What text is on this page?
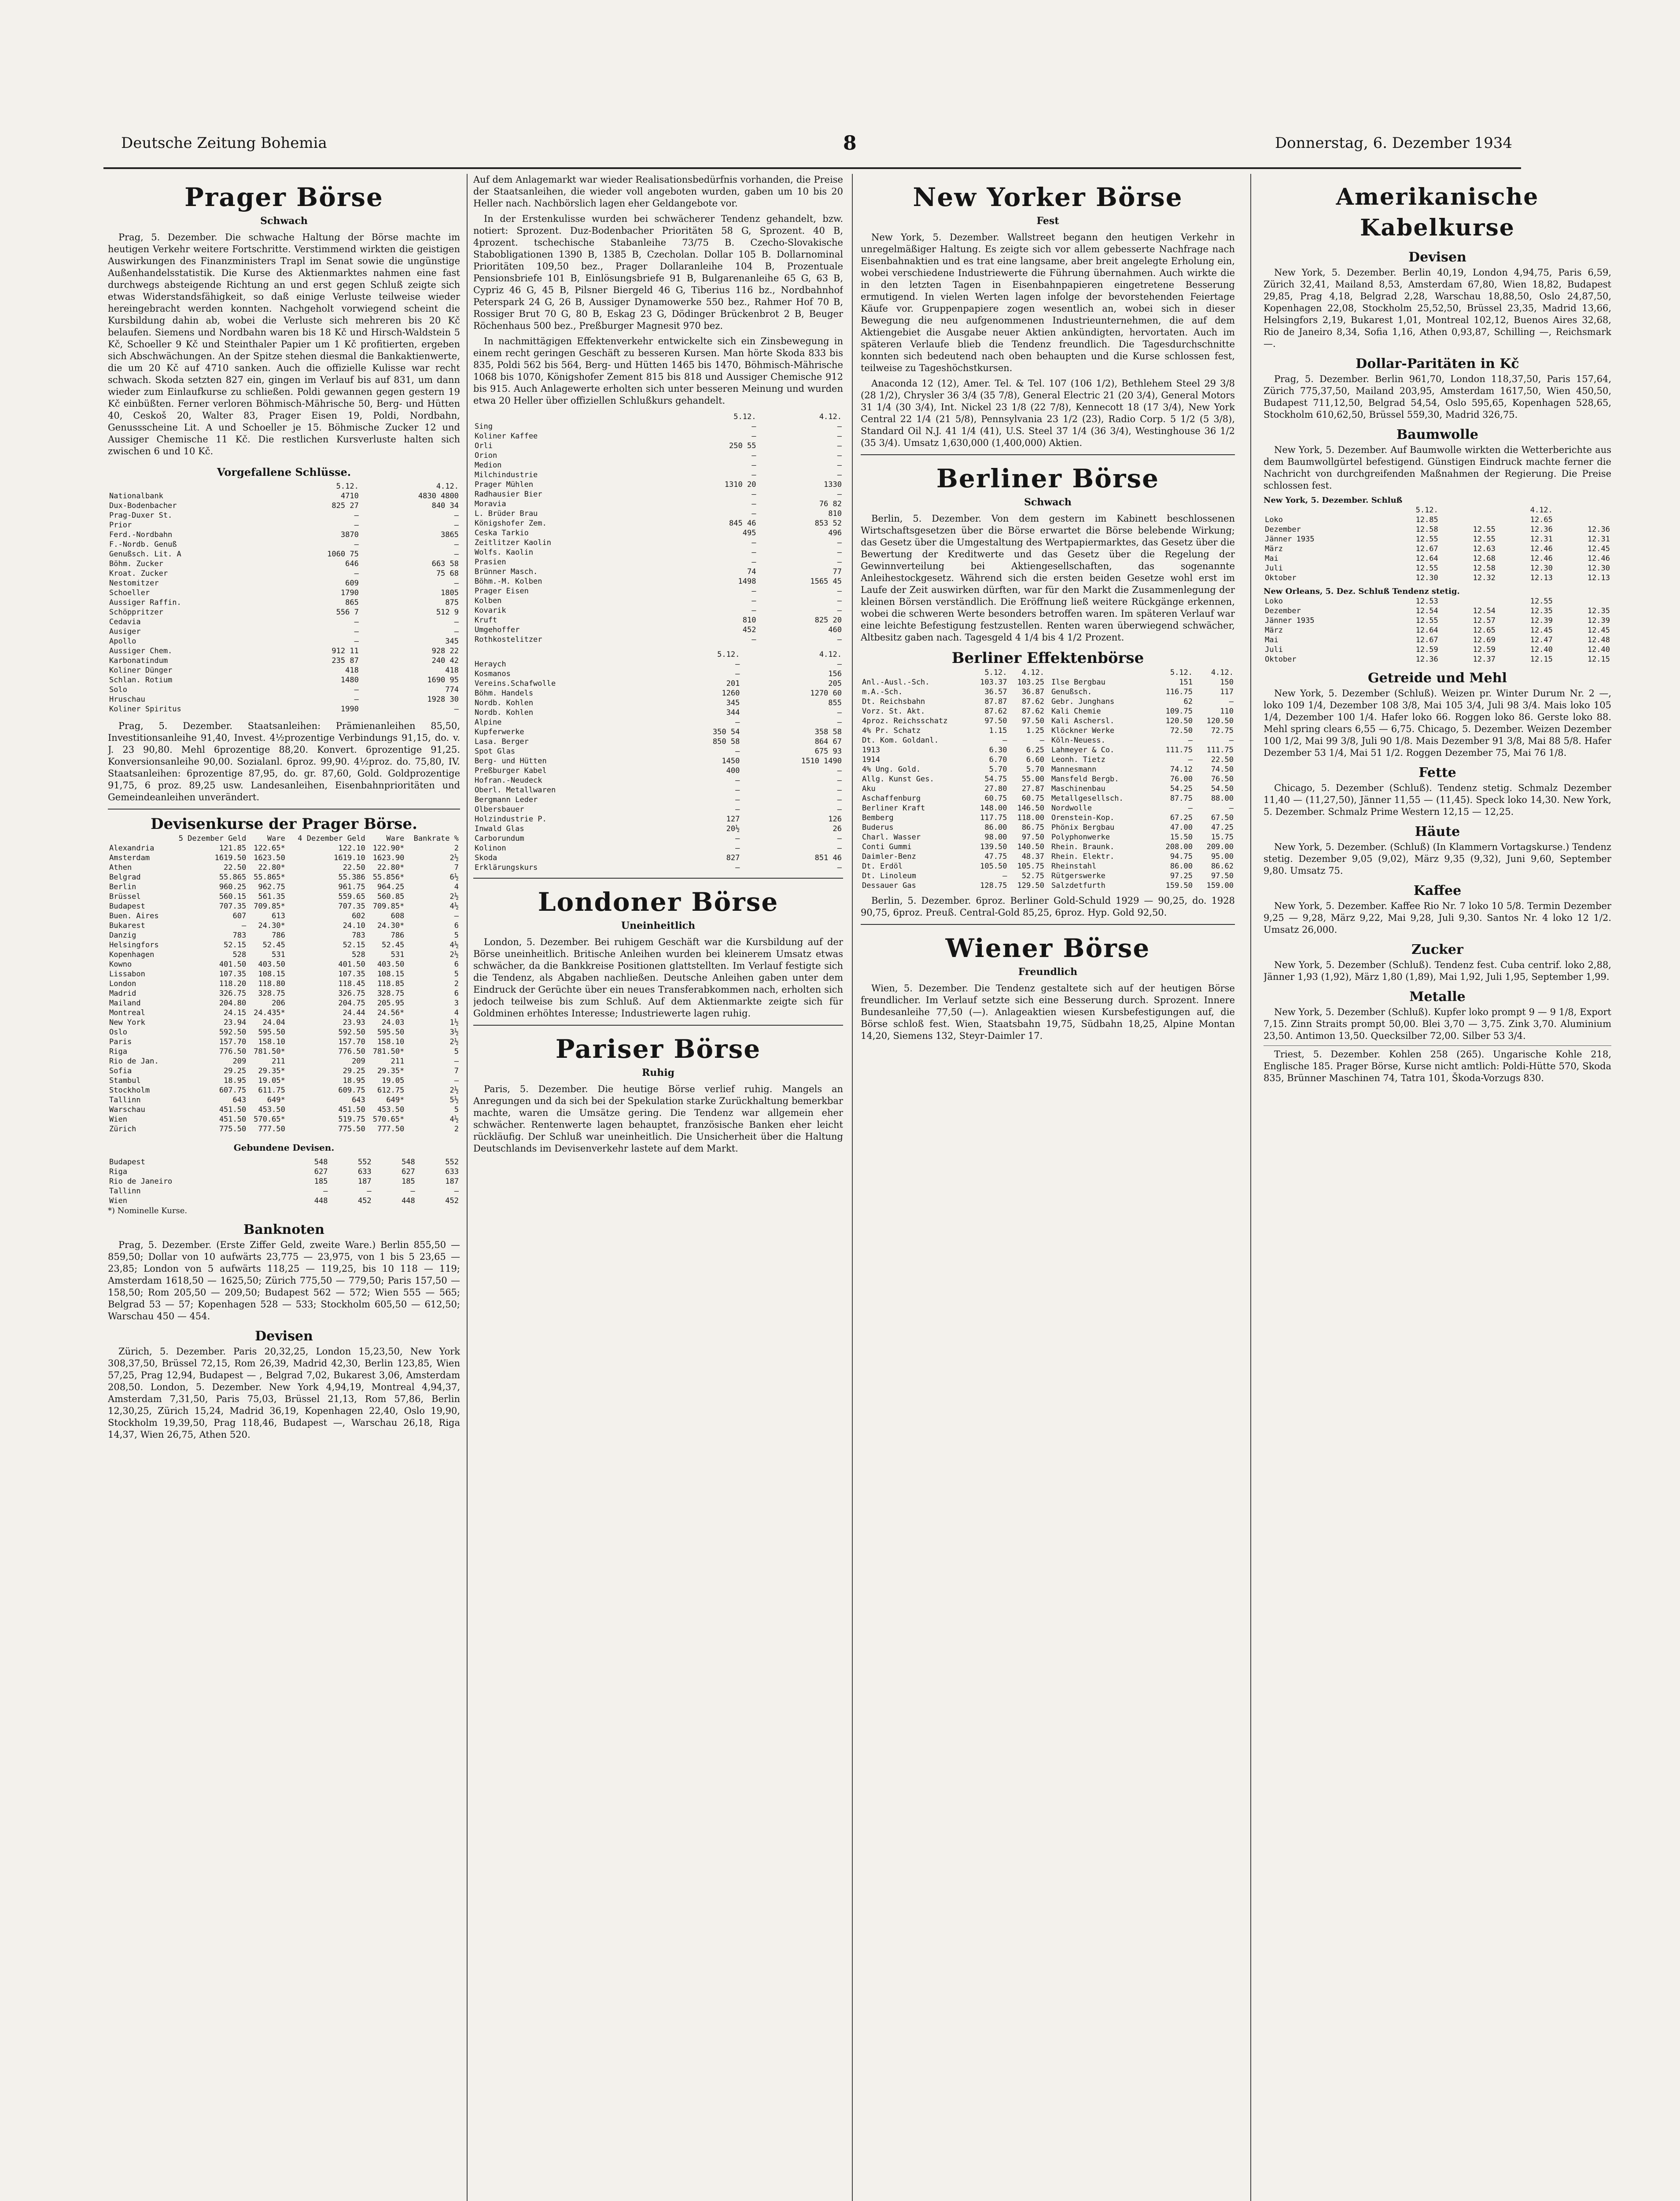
Deutsche Zeitung Bohemia	8	Donnerstag, 6. Dezember 1934
Prager Börse
Schwach

Prag, 5. Dezember. Die schwache Haltung der Börse machte im heutigen Verkehr weitere Fortschritte. Verstimmend wirkten die geistigen Auswirkungen des Finanzministers Trapl im Senat sowie die ungünstige Außenhandelsstatistik. Die Kurse des Aktienmarktes nahmen eine fast durchwegs absteigende Richtung an und erst gegen Schluß zeigte sich etwas Widerstandsfähigkeit, so daß einige Verluste teilweise wieder hereingebracht werden konnten. Nachgeholt vorwiegend scheint die Kursbildung dahin ab, wobei die Verluste sich mehreren bis 20 Kč belaufen. Siemens und Nordbahn waren bis 18 Kč und Hirsch-Waldstein 5 Kč, Schoeller 9 Kč und Steinthaler Papier um 1 Kč profitierten, ergeben sich Abschwächungen. An der Spitze stehen diesmal die Bankaktienwerte, die um 20 Kč auf 4710 sanken. Auch die offizielle Kulisse war recht schwach. Skoda setzten 827 ein, gingen im Verlauf bis auf 831, um dann wieder zum Einlaufkurse zu schließen. Poldi gewannen gegen gestern 19 Kč einbüßten. Ferner verloren Böhmisch-Mährische 50, Berg- und Hütten 40, Ceskoš 20, Walter 83, Prager Eisen 19, Poldi, Nordbahn, Genussscheine Lit. A und Schoeller je 15. Böhmische Zucker 12 und Aussiger Chemische 11 Kč. Die restlichen Kursverluste halten sich zwischen 6 und 10 Kč.

Vorgefallene Schlüsse.
	5.12.	4.12.
Nationalbank	4710	4830 4800
Dux-Bodenbacher	825 27	840 34
Prag-Duxer St.	—	—
Prior	—	—
Ferd.-Nordbahn	3870	3865
F.-Nordb. Genuß	—	—
Genußsch. Lit. A	1060 75	—
Böhm. Zucker	646	663 58
Kroat. Zucker	—	75 68
Nestomitzer	609	—
Schoeller	1790	1805
Aussiger Raffin.	865	875
Schöppritzer	556 7	512 9
Cedavia	—	—
Ausiger	—	—
Apollo	—	345
Aussiger Chem.	912 11	928 22
Karbonatindum	235 87	240 42
Koliner Dünger	418	418
Schlan. Rotium	1480	1690 95
Solo	—	774
Hruschau	—	1928 30
Koliner Spiritus	1990	—

Prag, 5. Dezember. Staatsanleihen: Prämienanleihen 85,50, Investitionsanleihe 91,40, Invest. 4½prozentige Verbindungs 91,15, do. v. J. 23 90,80. Mehl 6prozentige 88,20. Konvert. 6prozentige 91,25. Konversionsanleihe 90,00. Sozialanl. 6proz. 99,90. 4½proz. do. 75,80, IV. Staatsanleihen: 6prozentige 87,95, do. gr. 87,60, Gold. Goldprozentige 91,75, 6 proz. 89,25 usw. Landesanleihen, Eisenbahnprioritäten und Gemeindeanleihen unverändert.

Devisenkurse der Prager Börse.
	5 Dezember Geld	Ware	4 Dezember Geld	Ware	Bankrate %
Alexandria	121.85	122.65*	122.10	122.90*	2
Amsterdam	1619.50	1623.50	1619.10	1623.90	2½
Athen	22.50	22.80*	22.50	22.80*	7
Belgrad	55.865	55.865*	55.386	55.856*	6½
Berlin	960.25	962.75	961.75	964.25	4
Brüssel	560.15	561.35	559.65	560.85	2½
Budapest	707.35	709.85*	707.35	709.85*	4½
Buen. Aires	607	613	602	608	—
Bukarest	—	24.30*	24.10	24.30*	6
Danzig	783	786	783	786	5
Helsingfors	52.15	52.45	52.15	52.45	4½
Kopenhagen	528	531	528	531	2½
Kowno	401.50	403.50	401.50	403.50	6
Lissabon	107.35	108.15	107.35	108.15	5
London	118.20	118.80	118.45	118.85	2
Madrid	326.75	328.75	326.75	328.75	6
Mailand	204.80	206	204.75	205.95	3
Montreal	24.15	24.435*	24.44	24.56*	4
New York	23.94	24.04	23.93	24.03	1½
Oslo	592.50	595.50	592.50	595.50	3½
Paris	157.70	158.10	157.70	158.10	2½
Riga	776.50	781.50*	776.50	781.50*	5
Rio de Jan.	209	211	209	211	—
Sofia	29.25	29.35*	29.25	29.35*	7
Stambul	18.95	19.05*	18.95	19.05	—
Stockholm	607.75	611.75	609.75	612.75	2½
Tallinn	643	649*	643	649*	5½
Warschau	451.50	453.50	451.50	453.50	5
Wien	451.50	570.65*	519.75	570.65*	4½
Zürich	775.50	777.50	775.50	777.50	2
Gebundene Devisen.
Budapest	548	552	548	552
Riga	627	633	627	633
Rio de Janeiro	185	187	185	187
Tallinn	—	—	—	—
Wien	448	452	448	452
*) Nominelle Kurse.
Banknoten

Prag, 5. Dezember. (Erste Ziffer Geld, zweite Ware.) Berlin 855,50 — 859,50; Dollar von 10 aufwärts 23,775 — 23,975, von 1 bis 5 23,65 — 23,85; London von 5 aufwärts 118,25 — 119,25, bis 10 118 — 119; Amsterdam 1618,50 — 1625,50; Zürich 775,50 — 779,50; Paris 157,50 — 158,50; Rom 205,50 — 209,50; Budapest 562 — 572; Wien 555 — 565; Belgrad 53 — 57; Kopenhagen 528 — 533; Stockholm 605,50 — 612,50; Warschau 450 — 454.

Devisen

Zürich, 5. Dezember. Paris 20,32,25, London 15,23,50, New York 308,37,50, Brüssel 72,15, Rom 26,39, Madrid 42,30, Berlin 123,85, Wien 57,25, Prag 12,94, Budapest — , Belgrad 7,02, Bukarest 3,06, Amsterdam 208,50. London, 5. Dezember. New York 4,94,19, Montreal 4,94,37, Amsterdam 7,31,50, Paris 75,03, Brüssel 21,13, Rom 57,86, Berlin 12,30,25, Zürich 15,24, Madrid 36,19, Kopenhagen 22,40, Oslo 19,90, Stockholm 19,39,50, Prag 118,46, Budapest —, Warschau 26,18, Riga 14,37, Wien 26,75, Athen 520.

Auf dem Anlagemarkt war wieder Realisationsbedürfnis vorhanden, die Preise der Staatsanleihen, die wieder voll angeboten wurden, gaben um 10 bis 20 Heller nach. Nachbörslich lagen eher Geldangebote vor.

In der Erstenkulisse wurden bei schwächerer Tendenz gehandelt, bzw. notiert: Sprozent. Duz-Bodenbacher Prioritäten 58 G, Sprozent. 40 B, 4prozent. tschechische Stabanleihe 73/75 B. Czecho-Slovakische Stabobligationen 1390 B, 1385 B, Czecholan. Dollar 105 B. Dollarnominal Prioritäten 109,50 bez., Prager Dollaranleihe 104 B, Prozentuale Pensionsbriefe 101 B, Einlösungsbriefe 91 B, Bulgarenanleihe 65 G, 63 B, Cypriz 46 G, 45 B, Pilsner Biergeld 46 G, Tiberius 116 bz., Nordbahnhof Peterspark 24 G, 26 B, Aussiger Dynamowerke 550 bez., Rahmer Hof 70 B, Rossiger Brut 70 G, 80 B, Eskag 23 G, Dödinger Brückenbrot 2 B, Beuger Röchenhaus 500 bez., Preßburger Magnesit 970 bez.

In nachmittägigen Effektenverkehr entwickelte sich ein Zinsbewegung in einem recht geringen Geschäft zu besseren Kursen. Man hörte Skoda 833 bis 835, Poldi 562 bis 564, Berg- und Hütten 1465 bis 1470, Böhmisch-Mährische 1068 bis 1070, Königshofer Zement 815 bis 818 und Aussiger Chemische 912 bis 915. Auch Anlagewerte erholten sich unter besseren Meinung und wurden etwa 20 Heller über offiziellen Schlußkurs gehandelt.

	5.12.	4.12.
Sing	—	—
Koliner Kaffee	—	—
Orli	250 55	—
Orion	—	—
Medion	—	—
Milchindustrie	—	—
Prager Mühlen	1310 20	1330
Radhausier Bier	—	—
Moravia	—	76 82
L. Brüder Brau	—	810
Königshofer Zem.	845 46	853 52
Ceska Tarkio	495	496
Zeitlitzer Kaolin	—	—
Wolfs. Kaolin	—	—
Prasien	—	—
Brünner Masch.	74	77
Böhm.-M. Kolben	1498	1565 45
Prager Eisen	—	—
Kolben	—	—
Kovarik	—	—
Kruft	810	825 20
Umgehoffer	452	460
Rothkostelitzer	—	—
	5.12.	4.12.
Heraych	—	—
Kosmanos	—	156
Vereins.Schafwolle	201	205
Böhm. Handels	1260	1270 60
Nordb. Kohlen	345	855
Nordb. Kohlen	344	—
Alpine	—	—
Kupferwerke	350 54	358 58
Lasa. Berger	850 58	864 67
Spot Glas	—	675 93
Berg- und Hütten	1450	1510 1490
Preßburger Kabel	400	—
Hofran.-Neudeck	—	—
Oberl. Metallwaren	—	—
Bergmann Leder	—	—
Olbersbauer	—	—
Holzindustrie P.	127	126
Inwald Glas	20½	26
Carborundum	—	—
Kolinon	—	—
Skoda	827	851 46
Erklärungskurs	—	—
Londoner Börse
Uneinheitlich

London, 5. Dezember. Bei ruhigem Geschäft war die Kursbildung auf der Börse uneinheitlich. Britische Anleihen wurden bei kleinerem Umsatz etwas schwächer, da die Bankkreise Positionen glattstellten. Im Verlauf festigte sich die Tendenz, als Abgaben nachließen. Deutsche Anleihen gaben unter dem Eindruck der Gerüchte über ein neues Transferabkommen nach, erholten sich jedoch teilweise bis zum Schluß. Auf dem Aktienmarkte zeigte sich für Goldminen erhöhtes Interesse; Industriewerte lagen ruhig.

Pariser Börse
Ruhig

Paris, 5. Dezember. Die heutige Börse verlief ruhig. Mangels an Anregungen und da sich bei der Spekulation starke Zurückhaltung bemerkbar machte, waren die Umsätze gering. Die Tendenz war allgemein eher schwächer. Rentenwerte lagen behauptet, französische Banken eher leicht rückläufig. Der Schluß war uneinheitlich. Die Unsicherheit über die Haltung Deutschlands im Devisenverkehr lastete auf dem Markt.

New Yorker Börse
Fest

New York, 5. Dezember. Wallstreet begann den heutigen Verkehr in unregelmäßiger Haltung. Es zeigte sich vor allem gebesserte Nachfrage nach Eisenbahnaktien und es trat eine langsame, aber breit angelegte Erholung ein, wobei verschiedene Industriewerte die Führung übernahmen. Auch wirkte die in den letzten Tagen in Eisenbahnpapieren eingetretene Besserung ermutigend. In vielen Werten lagen infolge der bevorstehenden Feiertage Käufe vor. Gruppenpapiere zogen wesentlich an, wobei sich in dieser Bewegung die neu aufgenommenen Industrieunternehmen, die auf dem Aktiengebiet die Ausgabe neuer Aktien ankündigten, hervortaten. Auch im späteren Verlaufe blieb die Tendenz freundlich. Die Tagesdurchschnitte konnten sich bedeutend nach oben behaupten und die Kurse schlossen fest, teilweise zu Tageshöchstkursen.

Anaconda 12 (12), Amer. Tel. & Tel. 107 (106 1/2), Bethlehem Steel 29 3/8 (28 1/2), Chrysler 36 3/4 (35 7/8), General Electric 21 (20 3/4), General Motors 31 1/4 (30 3/4), Int. Nickel 23 1/8 (22 7/8), Kennecott 18 (17 3/4), New York Central 22 1/4 (21 5/8), Pennsylvania 23 1/2 (23), Radio Corp. 5 1/2 (5 3/8), Standard Oil N.J. 41 1/4 (41), U.S. Steel 37 1/4 (36 3/4), Westinghouse 36 1/2 (35 3/4). Umsatz 1,630,000 (1,400,000) Aktien.

Berliner Börse
Schwach

Berlin, 5. Dezember. Von dem gestern im Kabinett beschlossenen Wirtschaftsgesetzen über die Börse erwartet die Börse belebende Wirkung; das Gesetz über die Umgestaltung des Wertpapiermarktes, das Gesetz über die Bewertung der Kreditwerte und das Gesetz über die Regelung der Gewinnverteilung bei Aktiengesellschaften, das sogenannte Anleihestockgesetz. Während sich die ersten beiden Gesetze wohl erst im Laufe der Zeit auswirken dürften, war für den Markt die Zusammenlegung der kleinen Börsen verständlich. Die Eröffnung ließ weitere Rückgänge erkennen, wobei die schweren Werte besonders betroffen waren. Im späteren Verlauf war eine leichte Befestigung festzustellen. Renten waren überwiegend schwächer, Altbesitz gaben nach. Tagesgeld 4 1/4 bis 4 1/2 Prozent.

Berliner Effektenbörse
	5.12.	4.12.
Anl.-Ausl.-Sch.	103.37	103.25
m.A.-Sch.	36.57	36.87
Dt. Reichsbahn	87.87	87.62
Vorz. St. Akt.	87.62	87.62
4proz. Reichsschatz	97.50	97.50
4% Pr. Schatz	1.15	1.25
Dt. Kom. Goldanl.	—	—
1913	6.30	6.25
1914	6.70	6.60
4% Ung. Gold.	5.70	5.70
Allg. Kunst Ges.	54.75	55.00
Aku	27.80	27.87
Aschaffenburg	60.75	60.75
Berliner Kraft	148.00	146.50
Bemberg	117.75	118.00
Buderus	86.00	86.75
Charl. Wasser	98.00	97.50
Conti Gummi	139.50	140.50
Daimler-Benz	47.75	48.37
Dt. Erdöl	105.50	105.75
Dt. Linoleum	—	52.75
Dessauer Gas	128.75	129.50
	5.12.	4.12.
Ilse Bergbau	151	150
Genußsch.	116.75	117
Gebr. Junghans	62	—
Kali Chemie	109.75	110
Kali Aschersl.	120.50	120.50
Klöckner Werke	72.50	72.75
Köln-Neuess.	—	—
Lahmeyer & Co.	111.75	111.75
Leonh. Tietz	—	22.50
Mannesmann	74.12	74.50
Mansfeld Bergb.	76.00	76.50
Maschinenbau	54.25	54.50
Metallgesellsch.	87.75	88.00
Nordwolle	—	—
Orenstein-Kop.	67.25	67.50
Phönix Bergbau	47.00	47.25
Polyphonwerke	15.50	15.75
Rhein. Braunk.	208.00	209.00
Rhein. Elektr.	94.75	95.00
Rheinstahl	86.00	86.62
Rütgerswerke	97.25	97.50
Salzdetfurth	159.50	159.00

Berlin, 5. Dezember. 6proz. Berliner Gold-Schuld 1929 — 90,25, do. 1928 90,75, 6proz. Preuß. Central-Gold 85,25, 6proz. Hyp. Gold 92,50.

Wiener Börse
Freundlich

Wien, 5. Dezember. Die Tendenz gestaltete sich auf der heutigen Börse freundlicher. Im Verlauf setzte sich eine Besserung durch. Sprozent. Innere Bundesanleihe 77,50 (—). Anlageaktien wiesen Kursbefestigungen auf, die Börse schloß fest. Wien, Staatsbahn 19,75, Südbahn 18,25, Alpine Montan 14,20, Siemens 132, Steyr-Daimler 17.

Amerikanische Kabelkurse
Devisen

New York, 5. Dezember. Berlin 40,19, London 4,94,75, Paris 6,59, Zürich 32,41, Mailand 8,53, Amsterdam 67,80, Wien 18,82, Budapest 29,85, Prag 4,18, Belgrad 2,28, Warschau 18,88,50, Oslo 24,87,50, Kopenhagen 22,08, Stockholm 25,52,50, Brüssel 23,35, Madrid 13,66, Helsingfors 2,19, Bukarest 1,01, Montreal 102,12, Buenos Aires 32,68, Rio de Janeiro 8,34, Sofia 1,16, Athen 0,93,87, Schilling —, Reichsmark —.

Dollar-Paritäten in Kč

Prag, 5. Dezember. Berlin 961,70, London 118,37,50, Paris 157,64, Zürich 775,37,50, Mailand 203,95, Amsterdam 1617,50, Wien 450,50, Budapest 711,12,50, Belgrad 54,54, Oslo 595,65, Kopenhagen 528,65, Stockholm 610,62,50, Brüssel 559,30, Madrid 326,75.

Baumwolle

New York, 5. Dezember. Auf Baumwolle wirkten die Wetterberichte aus dem Baumwollgürtel befestigend. Günstigen Eindruck machte ferner die Nachricht von durchgreifenden Maßnahmen der Regierung. Die Preise schlossen fest.

New York, 5. Dezember. Schluß
	5.12.		4.12.	
Loko	12.85		12.65	
Dezember	12.58	12.55	12.36	12.36
Jänner 1935	12.55	12.55	12.31	12.31
März	12.67	12.63	12.46	12.45
Mai	12.64	12.68	12.46	12.46
Juli	12.55	12.58	12.30	12.30
Oktober	12.30	12.32	12.13	12.13
New Orleans, 5. Dez. Schluß Tendenz stetig.
Loko	12.53		12.55	
Dezember	12.54	12.54	12.35	12.35
Jänner 1935	12.55	12.57	12.39	12.39
März	12.64	12.65	12.45	12.45
Mai	12.67	12.69	12.47	12.48
Juli	12.59	12.59	12.40	12.40
Oktober	12.36	12.37	12.15	12.15
Getreide und Mehl

New York, 5. Dezember (Schluß). Weizen pr. Winter Durum Nr. 2 —, loko 109 1/4, Dezember 108 3/8, Mai 105 3/4, Juli 98 3/4. Mais loko 105 1/4, Dezember 100 1/4. Hafer loko 66. Roggen loko 86. Gerste loko 88. Mehl spring clears 6,55 — 6,75. Chicago, 5. Dezember. Weizen Dezember 100 1/2, Mai 99 3/8, Juli 90 1/8. Mais Dezember 91 3/8, Mai 88 5/8. Hafer Dezember 53 1/4, Mai 51 1/2. Roggen Dezember 75, Mai 76 1/8.

Fette

Chicago, 5. Dezember (Schluß). Tendenz stetig. Schmalz Dezember 11,40 — (11,27,50), Jänner 11,55 — (11,45). Speck loko 14,30. New York, 5. Dezember. Schmalz Prime Western 12,15 — 12,25.

Häute

New York, 5. Dezember. (Schluß) (In Klammern Vortagskurse.) Tendenz stetig. Dezember 9,05 (9,02), März 9,35 (9,32), Juni 9,60, September 9,80. Umsatz 75.

Kaffee

New York, 5. Dezember. Kaffee Rio Nr. 7 loko 10 5/8. Termin Dezember 9,25 — 9,28, März 9,22, Mai 9,28, Juli 9,30. Santos Nr. 4 loko 12 1/2. Umsatz 26,000.

Zucker

New York, 5. Dezember (Schluß). Tendenz fest. Cuba centrif. loko 2,88, Jänner 1,93 (1,92), März 1,80 (1,89), Mai 1,92, Juli 1,95, September 1,99.

Metalle

New York, 5. Dezember (Schluß). Kupfer loko prompt 9 — 9 1/8, Export 7,15. Zinn Straits prompt 50,00. Blei 3,70 — 3,75. Zink 3,70. Aluminium 23,50. Antimon 13,50. Quecksilber 72,00. Silber 53 3/4.

Triest, 5. Dezember. Kohlen 258 (265). Ungarische Kohle 218, Englische 185. Prager Börse, Kurse nicht amtlich: Poldi-Hütte 570, Skoda 835, Brünner Maschinen 74, Tatra 101, Škoda-Vorzugs 830.
